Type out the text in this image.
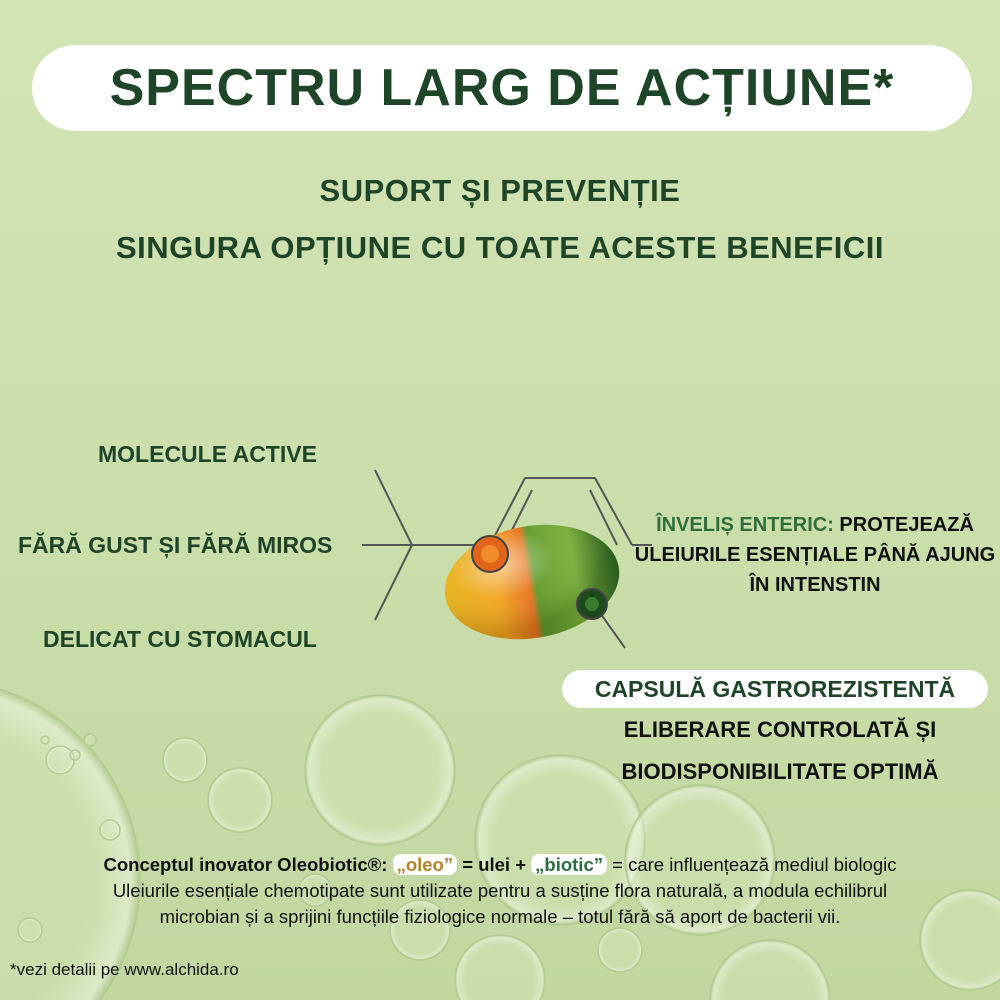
SPECTRU LARG DE ACȚIUNE*
SUPORT ȘI PREVENȚIE
SINGURA OPȚIUNE CU TOATE ACESTE BENEFICII
MOLECULE ACTIVE
FĂRĂ GUST ȘI FĂRĂ MIROS
DELICAT CU STOMACUL
ÎNVELIȘ ENTERIC: PROTEJEAZĂ
ULEIURILE ESENȚIALE PÂNĂ AJUNG
ÎN INTENSTIN
CAPSULĂ GASTROREZISTENTĂ
ELIBERARE CONTROLATĂ ȘI
BIODISPONIBILITATE OPTIMĂ
Conceptul inovator Oleobiotic®: „oleo” = ulei + „biotic” = care influențează mediul biologic
Uleiurile esențiale chemotipate sunt utilizate pentru a susține flora naturală, a modula echilibrul
microbian și a sprijini funcțiile fiziologice normale – totul fără să aport de bacterii vii.
*vezi detalii pe www.alchida.ro
